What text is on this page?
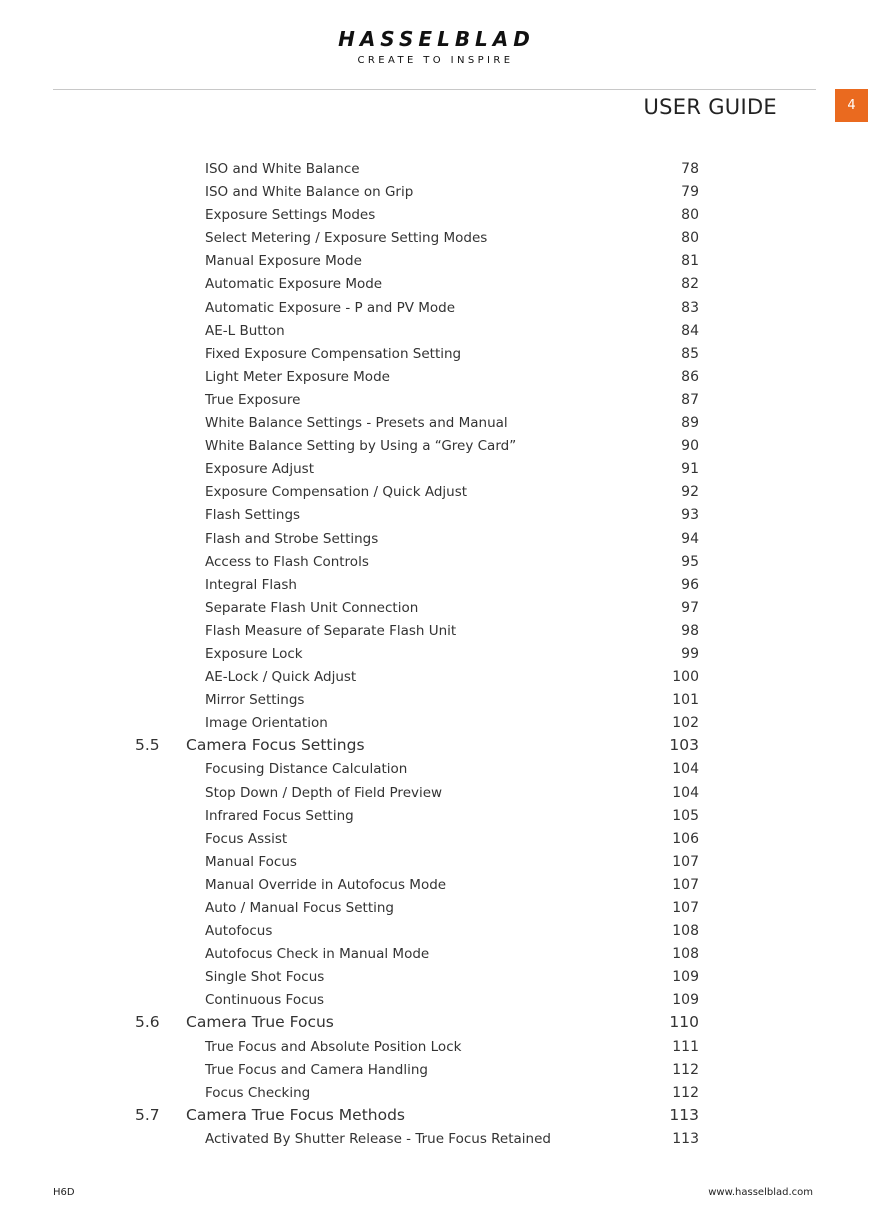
HASSELBLAD
CREATE TO INSPIRE
USER GUIDE	4
ISO and White Balance	78
ISO and White Balance on Grip	79
Exposure Settings Modes	80
Select Metering / Exposure Setting Modes	80
Manual Exposure Mode	81
Automatic Exposure Mode	82
Automatic Exposure - P and PV Mode	83
AE-L Button	84
Fixed Exposure Compensation Setting	85
Light Meter Exposure Mode	86
True Exposure	87
White Balance Settings - Presets and Manual	89
White Balance Setting by Using a “Grey Card”	90
Exposure Adjust	91
Exposure Compensation / Quick Adjust	92
Flash Settings	93
Flash and Strobe Settings	94
Access to Flash Controls	95
Integral Flash	96
Separate Flash Unit Connection	97
Flash Measure of Separate Flash Unit	98
Exposure Lock	99
AE-Lock / Quick Adjust	100
Mirror Settings	101
Image Orientation	102
5.5 Camera Focus Settings	103
Focusing Distance Calculation	104
Stop Down / Depth of Field Preview	104
Infrared Focus Setting	105
Focus Assist	106
Manual Focus	107
Manual Override in Autofocus Mode	107
Auto / Manual Focus Setting	107
Autofocus	108
Autofocus Check in Manual Mode	108
Single Shot Focus	109
Continuous Focus	109
5.6 Camera True Focus	110
True Focus and Absolute Position Lock	111
True Focus and Camera Handling	112
Focus Checking	112
5.7 Camera True Focus Methods	113
Activated By Shutter Release - True Focus Retained	113
H6D	www.hasselblad.com
